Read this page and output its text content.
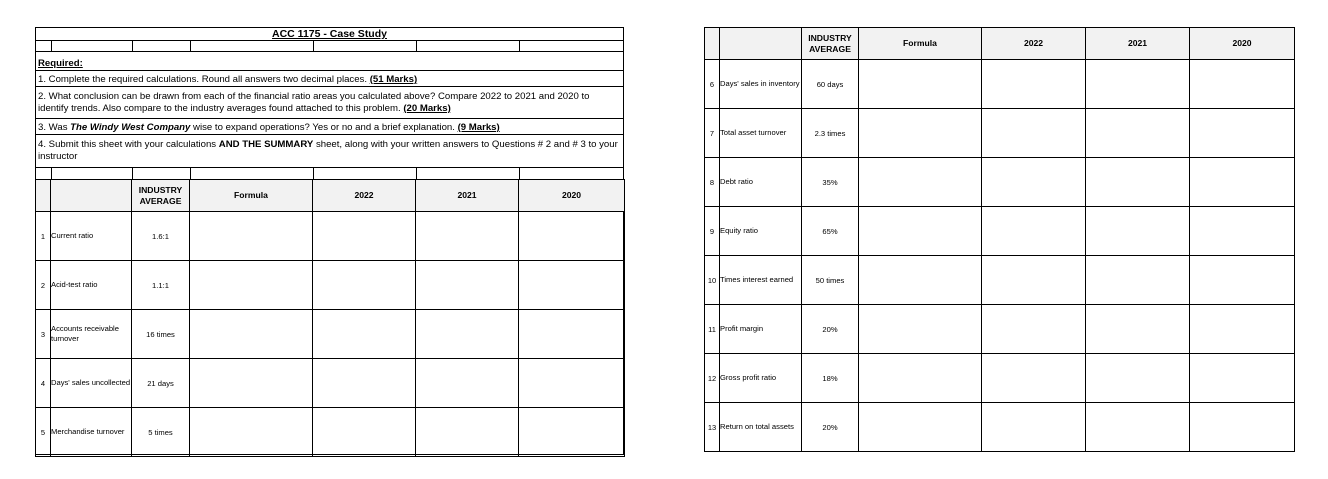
ACC 1175 - Case Study
Required:
1. Complete the required calculations. Round all answers two decimal places. (51 Marks)
2. What conclusion can be drawn from each of the financial ratio areas you calculated above? Compare 2022 to 2021 and 2020 to identify trends. Also compare to the industry averages found attached to this problem. (20 Marks)
3. Was The Windy West Company wise to expand operations? Yes or no and a brief explanation. (9 Marks)
4. Submit this sheet with your calculations AND THE SUMMARY sheet, along with your written answers to Questions # 2 and # 3 to your instructor
		INDUSTRY AVERAGE	Formula	2022	2021	2020
1	Current ratio	1.6:1				
2	Acid-test ratio	1.1:1				
3	Accounts receivable turnover	16 times				
4	Days' sales uncollected	21 days				
5	Merchandise turnover	5 times				
		INDUSTRY AVERAGE	Formula	2022	2021	2020
6	Days' sales in inventory	60 days				
7	Total asset turnover	2.3 times				
8	Debt ratio	35%				
9	Equity ratio	65%				
10	Times interest earned	50 times				
11	Profit margin	20%				
12	Gross profit ratio	18%				
13	Return on total assets	20%				
